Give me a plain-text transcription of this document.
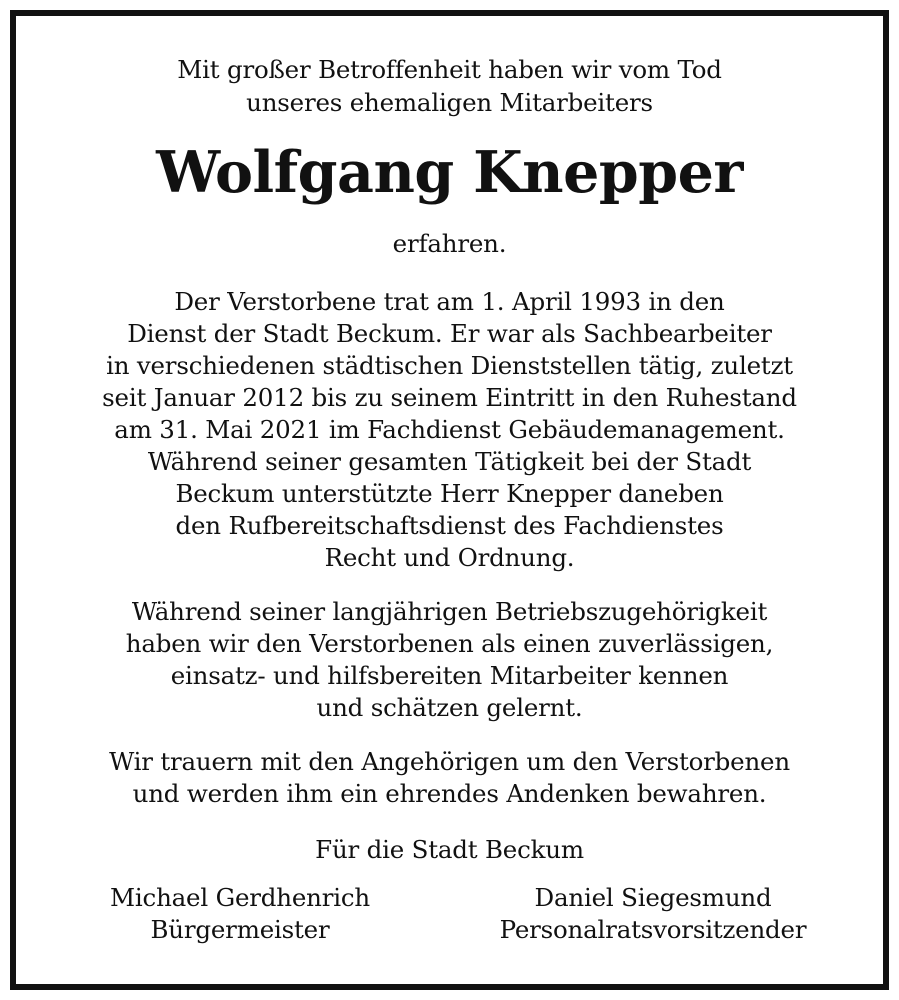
Mit großer Betroffenheit haben wir vom Tod
unseres ehemaligen Mitarbeiters
Wolfgang Knepper
erfahren.
Der Verstorbene trat am 1. April 1993 in den
Dienst der Stadt Beckum. Er war als Sachbearbeiter
in verschiedenen städtischen Dienststellen tätig, zuletzt
seit Januar 2012 bis zu seinem Eintritt in den Ruhestand
am 31. Mai 2021 im Fachdienst Gebäudemanagement.
Während seiner gesamten Tätigkeit bei der Stadt
Beckum unterstützte Herr Knepper daneben
den Rufbereitschaftsdienst des Fachdienstes
Recht und Ordnung.
Während seiner langjährigen Betriebszugehörigkeit
haben wir den Verstorbenen als einen zuverlässigen,
einsatz- und hilfsbereiten Mitarbeiter kennen
und schätzen gelernt.
Wir trauern mit den Angehörigen um den Verstorbenen
und werden ihm ein ehrendes Andenken bewahren.
Für die Stadt Beckum
Michael Gerdhenrich
Bürgermeister
Daniel Siegesmund
Personalratsvorsitzender
